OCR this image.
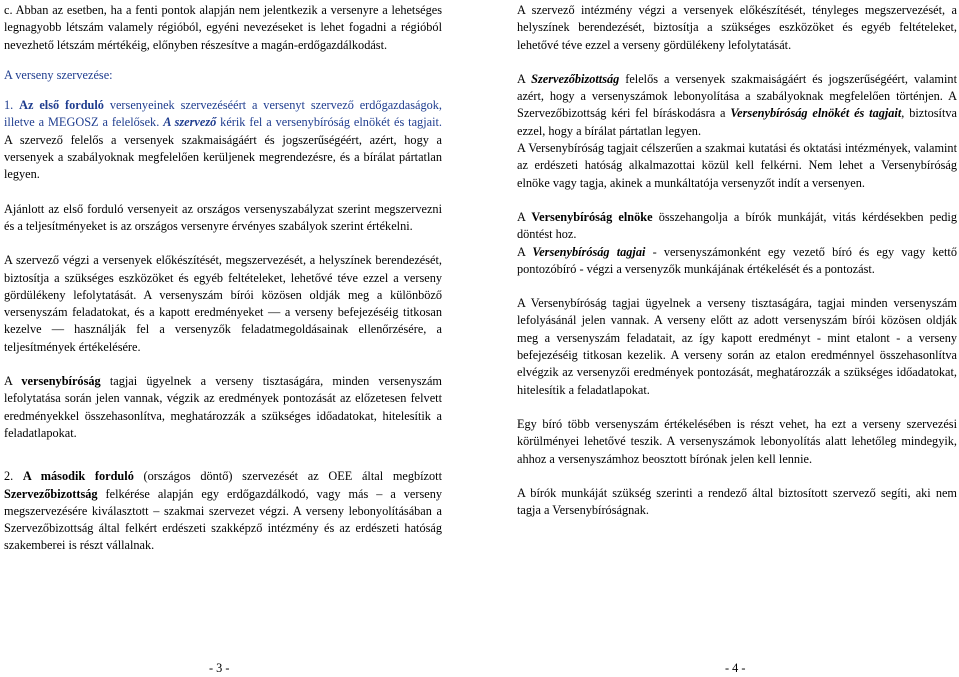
c. Abban az esetben, ha a fenti pontok alapján nem jelentkezik a versenyre a lehetséges legnagyobb létszám valamely régióból, egyéni nevezéseket is lehet fogadni a régióból nevezhető létszám mértékéig, előnyben részesítve a magán-erdőgazdálkodást.

A verseny szervezése:

1. Az első forduló versenyeinek szervezéséért a versenyt szervező erdőgazdaságok, illetve a MEGOSZ a felelősek. A szervező kérik fel a versenybíróság elnökét és tagjait. A szervező felelős a versenyek szakmaiságáért és jogszerűségéért, azért, hogy a versenyek a szabályoknak megfelelően kerüljenek megrendezésre, és a bírálat pártatlan legyen.

Ajánlott az első forduló versenyeit az országos versenyszabályzat szerint megszervezni és a teljesítményeket is az országos versenyre érvényes szabályok szerint értékelni.

A szervező végzi a versenyek előkészítését, megszervezését, a helyszínek berendezését, biztosítja a szükséges eszközöket és egyéb feltételeket, lehetővé téve ezzel a verseny gördülékeny lefolytatását. A versenyszám bírói közösen oldják meg a különböző versenyszám feladatokat, és a kapott eredményeket — a verseny befejezéséig titkosan kezelve — használják fel a versenyzők feladatmegoldásainak ellenőrzésére, a teljesítmények értékelésére.

A versenybíróság tagjai ügyelnek a verseny tisztaságára, minden versenyszám lefolytatása során jelen vannak, végzik az eredmények pontozását az előzetesen felvett eredményekkel összehasonlítva, meghatározzák a szükséges időadatokat, hitelesítik a feladatlapokat.

2. A második forduló (országos döntő) szervezését az OEE által megbízott Szervezőbizottság felkérése alapján egy erdőgazdálkodó, vagy más – a verseny megszervezésére kiválasztott – szakmai szervezet végzi. A verseny lebonyolításában a Szervezőbizottság által felkért erdészeti szakképző intézmény és az erdészeti hatóság szakemberei is részt vállalnak.

- 3 -

A szervező intézmény végzi a versenyek előkészítését, tényleges megszervezését, a helyszínek berendezését, biztosítja a szükséges eszközöket és egyéb feltételeket, lehetővé téve ezzel a verseny gördülékeny lefolytatását.

A Szervezőbizottság felelős a versenyek szakmaiságáért és jogszerűségéért, valamint azért, hogy a versenyszámok lebonyolítása a szabályoknak megfelelően történjen. A Szervezőbizottság kéri fel bíráskodásra a Versenybíróság elnökét és tagjait, biztosítva ezzel, hogy a bírálat pártatlan legyen.

A Versenybíróság tagjait célszerűen a szakmai kutatási és oktatási intézmények, valamint az erdészeti hatóság alkalmazottai közül kell felkérni. Nem lehet a Versenybíróság elnöke vagy tagja, akinek a munkáltatója versenyzőt indít a versenyen.

A Versenybíróság elnöke összehangolja a bírók munkáját, vitás kérdésekben pedig döntést hoz.

A Versenybíróság tagjai - versenyszámonként egy vezető bíró és egy vagy kettő pontozóbíró - végzi a versenyzők munkájának értékelését és a pontozást.

A Versenybíróság tagjai ügyelnek a verseny tisztaságára, tagjai minden versenyszám lefolyásánál jelen vannak. A verseny előtt az adott versenyszám bírói közösen oldják meg a versenyszám feladatait, az így kapott eredményt - mint etalont - a verseny befejezéséig titkosan kezelik. A verseny során az etalon eredménnyel összehasonlítva elvégzik az versenyzői eredmények pontozását, meghatározzák a szükséges időadatokat, hitelesítik a feladatlapokat.

Egy bíró több versenyszám értékelésében is részt vehet, ha ezt a verseny szervezési körülményei lehetővé teszik. A versenyszámok lebonyolítás alatt lehetőleg mindegyik, ahhoz a versenyszámhoz beosztott bírónak jelen kell lennie.

A bírók munkáját szükség szerinti a rendező által biztosított szervező segíti, aki nem tagja a Versenybíróságnak.

- 4 -
